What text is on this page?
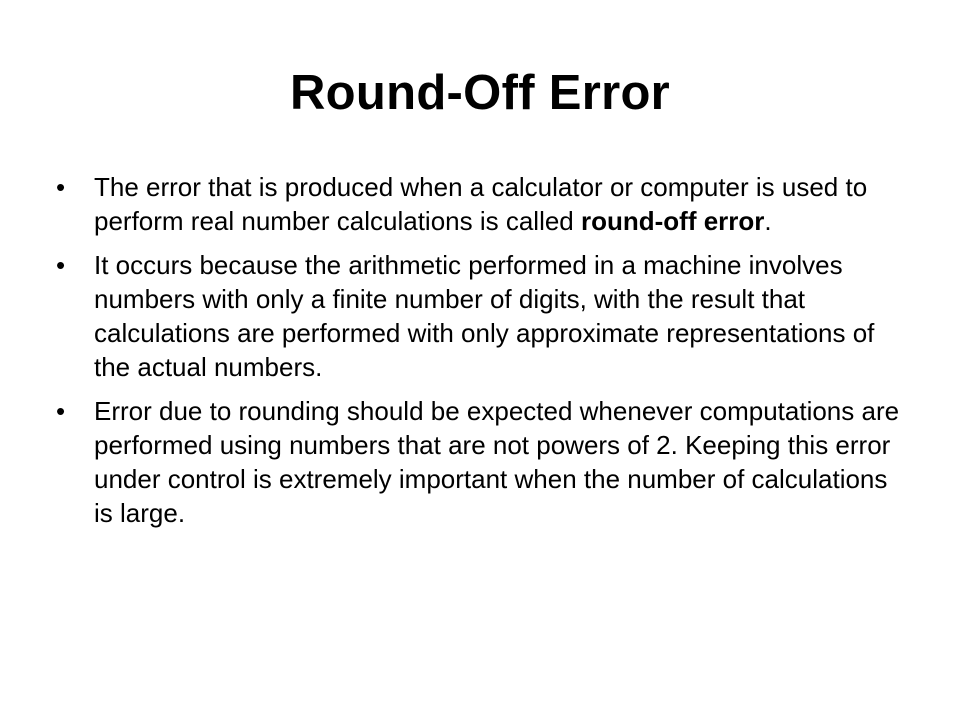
Round-Off Error
•	The error that is produced when a calculator or computer is used to perform real number calculations is called round-off error.
•	It occurs because the arithmetic performed in a machine involves numbers with only a finite number of digits, with the result that calculations are performed with only approximate representations of the actual numbers.
•	Error due to rounding should be expected whenever computations are performed using numbers that are not powers of 2. Keeping this error under control is extremely important when the number of calculations is large.
